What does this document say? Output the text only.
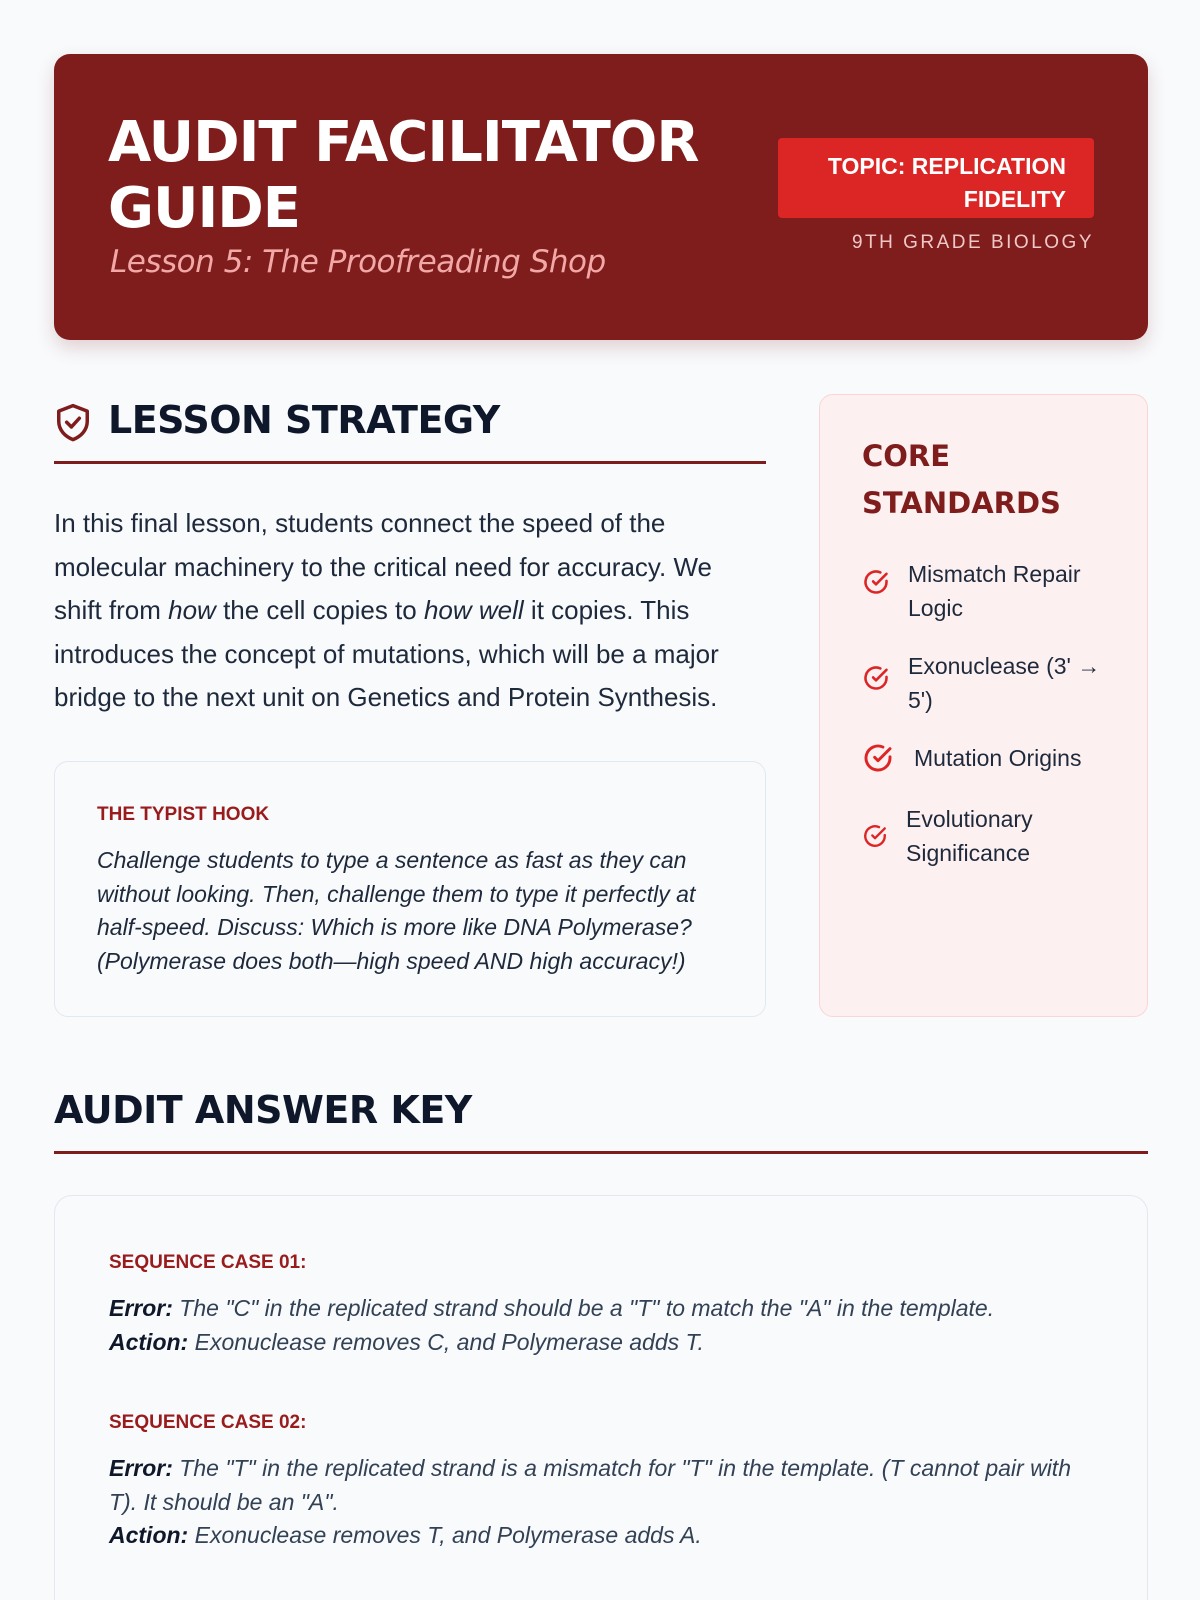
AUDIT FACILITATOR GUIDE
Lesson 5: The Proofreading Shop
TOPIC: REPLICATION FIDELITY
9TH GRADE BIOLOGY
LESSON STRATEGY

In this final lesson, students connect the speed of the molecular machinery to the critical need for accuracy. We shift from how the cell copies to how well it copies. This introduces the concept of mutations, which will be a major bridge to the next unit on Genetics and Protein Synthesis.

THE TYPIST HOOK
Challenge students to type a sentence as fast as they can without looking. Then, challenge them to type it perfectly at half-speed. Discuss: Which is more like DNA Polymerase? (Polymerase does both—high speed AND high accuracy!)
CORE STANDARDS
Mismatch Repair Logic
Exonuclease (3' → 5')
Mutation Origins
Evolutionary Significance
AUDIT ANSWER KEY
SEQUENCE CASE 01:
Error: The "C" in the replicated strand should be a "T" to match the "A" in the template.
Action: Exonuclease removes C, and Polymerase adds T.
SEQUENCE CASE 02:
Error: The "T" in the replicated strand is a mismatch for "T" in the template. (T cannot pair with T). It should be an "A".
Action: Exonuclease removes T, and Polymerase adds A.
